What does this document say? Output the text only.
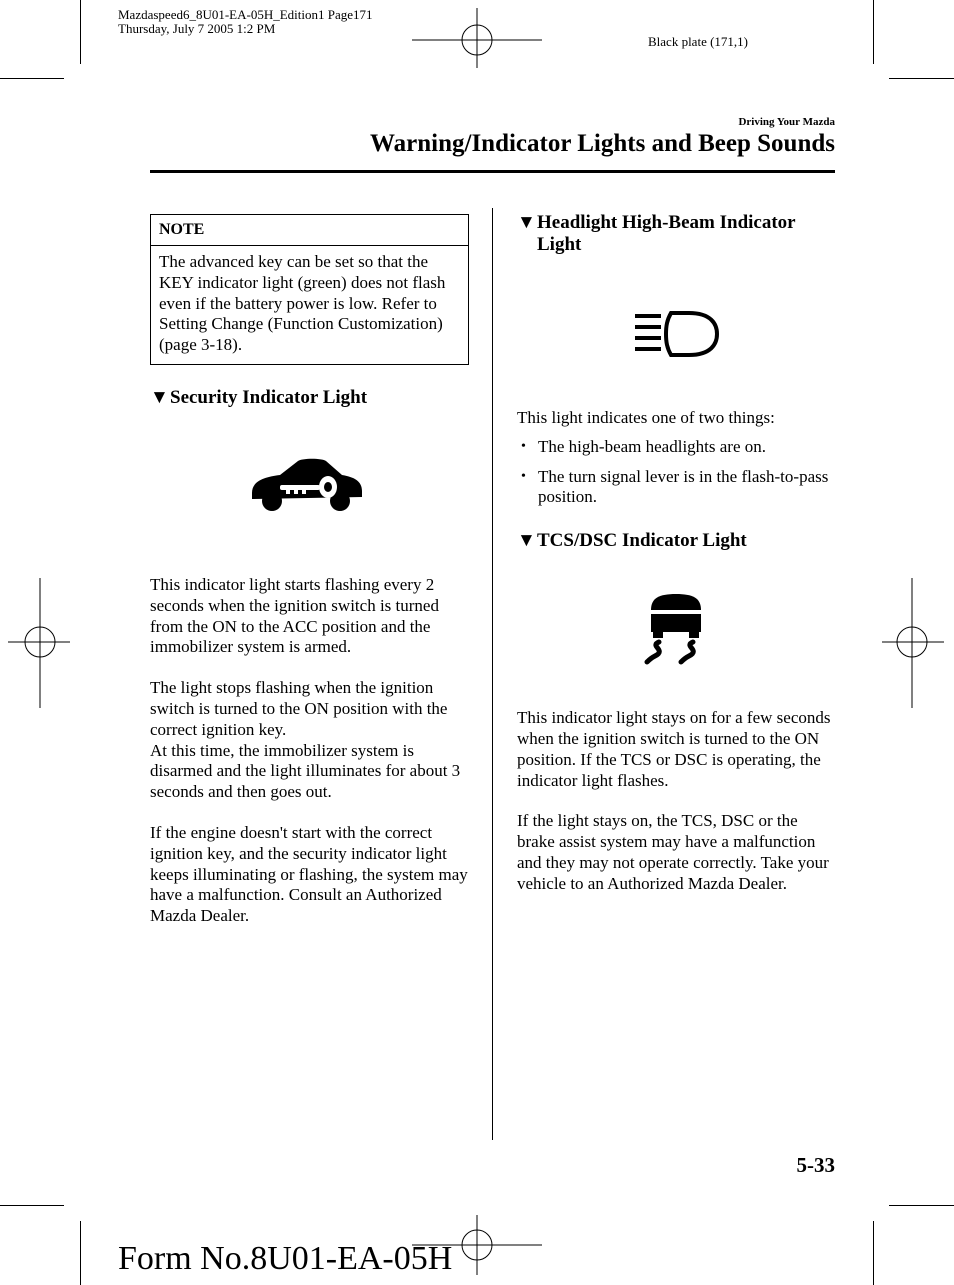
Mazdaspeed6_8U01-EA-05H_Edition1 Page171
Thursday, July 7 2005 1:2 PM
Black plate (171,1)
Driving Your Mazda
Warning/Indicator Lights and Beep Sounds
NOTE
The advanced key can be set so that the KEY indicator light (green) does not flash even if the battery power is low. Refer to Setting Change (Function Customization)(page 3-18).
▼ Security Indicator Light

This indicator light starts flashing every 2 seconds when the ignition switch is turned from the ON to the ACC position and the immobilizer system is armed.

The light stops flashing when the ignition switch is turned to the ON position with the correct ignition key.

At this time, the immobilizer system is disarmed and the light illuminates for about 3 seconds and then goes out.

If the engine doesn't start with the correct ignition key, and the security indicator light keeps illuminating or flashing, the system may have a malfunction. Consult an Authorized Mazda Dealer.

▼ Headlight High-Beam Indicator Light

This light indicates one of two things:

• The high-beam headlights are on.
• The turn signal lever is in the flash-to-pass position.
▼ TCS/DSC Indicator Light

This indicator light stays on for a few seconds when the ignition switch is turned to the ON position. If the TCS or DSC is operating, the indicator light flashes.

If the light stays on, the TCS, DSC or the brake assist system may have a malfunction and they may not operate correctly. Take your vehicle to an Authorized Mazda Dealer.

5-33
Form No.8U01-EA-05H
